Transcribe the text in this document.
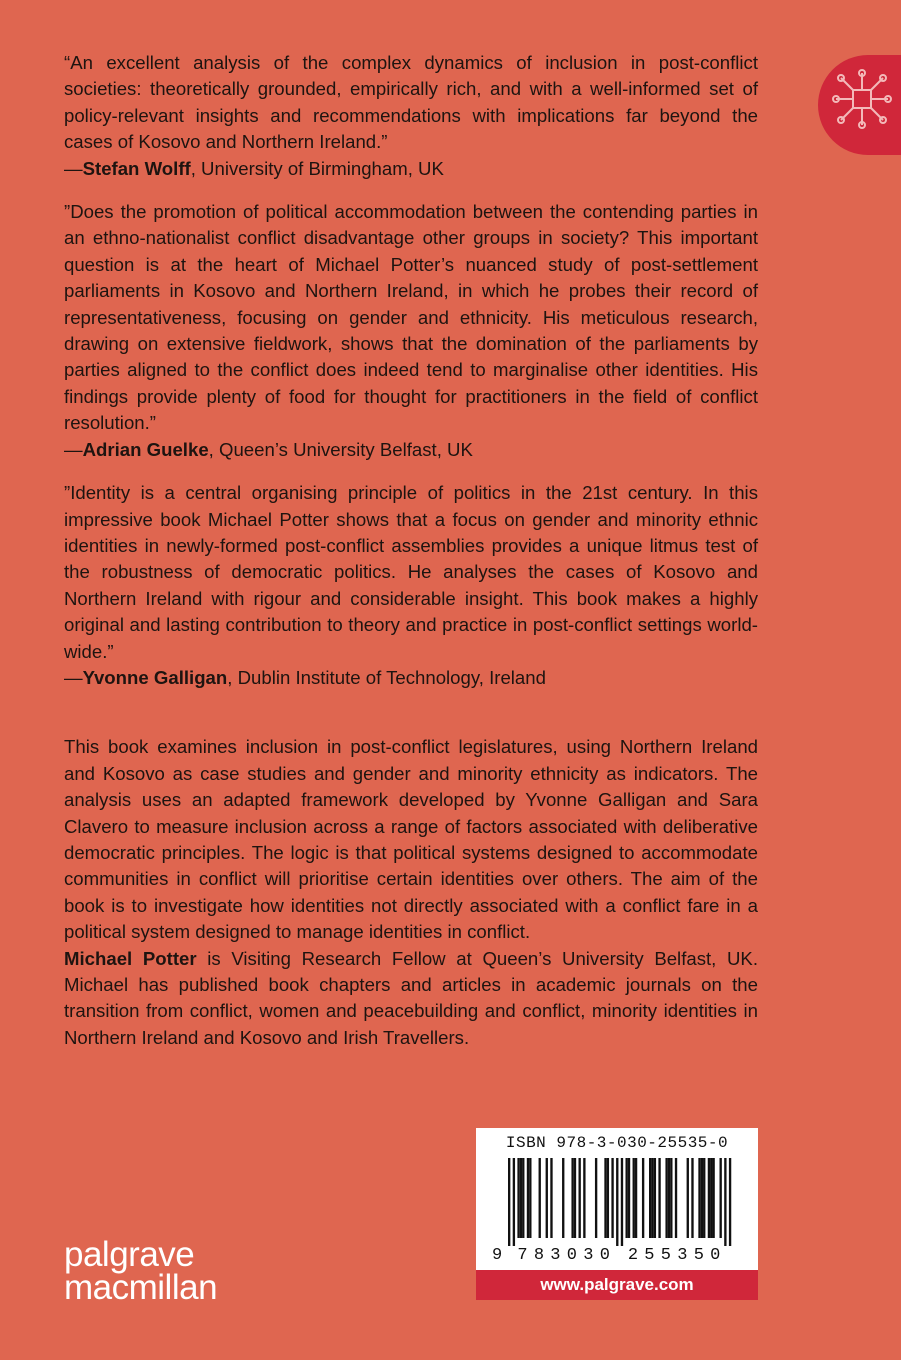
“An excellent analysis of the complex dynamics of inclusion in post-conflict societies: theoretically grounded, empirically rich, and with a well-informed set of policy-relevant insights and recommendations with implications far beyond the cases of Kosovo and Northern Ireland.”

—Stefan Wolff, University of Birmingham, UK

”Does the promotion of political accommodation between the contending parties in an ethno-nationalist conflict disadvantage other groups in society? This important question is at the heart of Michael Potter’s nuanced study of post-settlement parliaments in Kosovo and Northern Ireland, in which he probes their record of representativeness, focusing on gender and ethnicity. His meticulous research, drawing on extensive fieldwork, shows that the domination of the parliaments by parties aligned to the conflict does indeed tend to marginalise other identities. His findings provide plenty of food for thought for practitioners in the field of conflict resolution.”

—Adrian Guelke, Queen’s University Belfast, UK

”Identity is a central organising principle of politics in the 21st century. In this impressive book Michael Potter shows that a focus on gender and minority ethnic identities in newly-formed post-conflict assemblies provides a unique litmus test of the robustness of democratic politics. He analyses the cases of Kosovo and Northern Ireland with rigour and considerable insight. This book makes a highly original and lasting contribution to theory and practice in post-conflict settings world-wide.”

—Yvonne Galligan, Dublin Institute of Technology, Ireland

This book examines inclusion in post-conflict legislatures, using Northern Ireland and Kosovo as case studies and gender and minority ethnicity as indicators. The analysis uses an adapted framework developed by Yvonne Galligan and Sara Clavero to measure inclusion across a range of factors associated with deliberative democratic principles. The logic is that political systems designed to accommodate communities in conflict will prioritise certain identities over others. The aim of the book is to investigate how identities not directly associated with a conflict fare in a political system designed to manage identities in conflict.

Michael Potter is Visiting Research Fellow at Queen’s University Belfast, UK. Michael has published book chapters and articles in academic journals on the transition from conflict, women and peacebuilding and conflict, minority identities in Northern Ireland and Kosovo and Irish Travellers.

palgrave
macmillan
ISBN 978-3-030-25535-0
9 7 8 3 0 3 0 2 5 5 3 5 0
www.palgrave.com
